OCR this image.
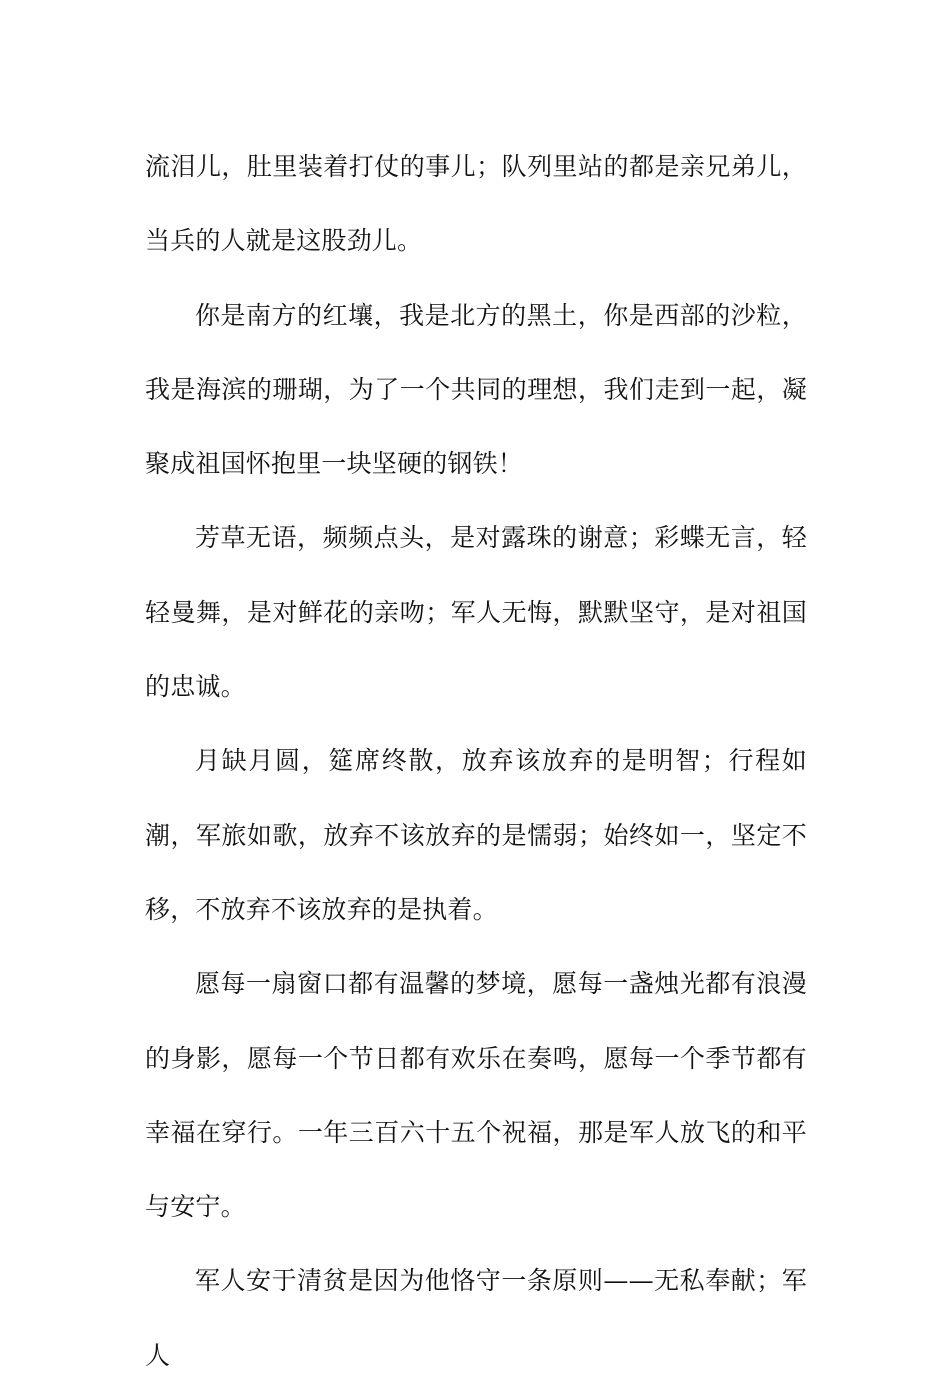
流泪儿，肚里装着打仗的事儿；队列里站的都是亲兄弟儿，当兵的人就是这股劲儿。

你是南方的红壤，我是北方的黑土，你是西部的沙粒，我是海滨的珊瑚，为了一个共同的理想，我们走到一起，凝聚成祖国怀抱里一块坚硬的钢铁！

芳草无语，频频点头，是对露珠的谢意；彩蝶无言，轻轻曼舞，是对鲜花的亲吻；军人无悔，默默坚守，是对祖国的忠诚。

月缺月圆，筵席终散，放弃该放弃的是明智；行程如潮，军旅如歌，放弃不该放弃的是懦弱；始终如一，坚定不移，不放弃不该放弃的是执着。

愿每一扇窗口都有温馨的梦境，愿每一盏烛光都有浪漫的身影，愿每一个节日都有欢乐在奏鸣，愿每一个季节都有幸福在穿行。一年三百六十五个祝福，那是军人放飞的和平与安宁。

军人安于清贫是因为他恪守一条原则——无私奉献；军人
